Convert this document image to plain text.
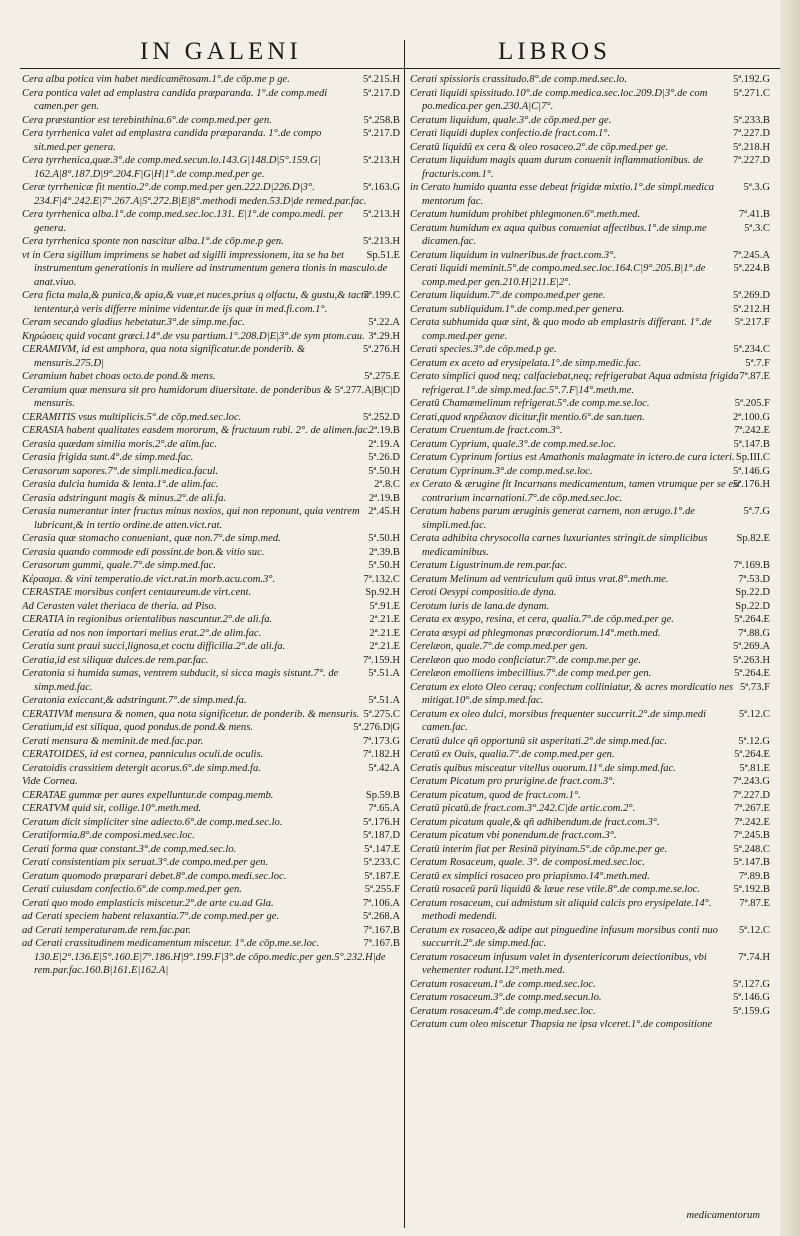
IN GALENI	LIBROS

5ª.215.H
Cera alba potica vim habet medicamētosam.1°.de cōp.me p ge.

5ª.217.D
Cera pontica valet ad emplastra candida præparanda. 1°.de comp.medi camen.per gen.

5ª.258.B
Cera præstantior est terebinthina.6°.de comp.med.per gen.

5ª.217.D
Cera tyrrhenica valet ad emplastra candida præparanda. 1°.de compo sit.med.per genera.

5ª.213.H
Cera tyrrhenica,quæ.3°.de comp.med.secun.lo.143.G|148.D|5°.159.G| 162.A|8°.187.D|9°.204.F|G|H|1°.de comp.med.per ge.

5ª.163.G
Ceræ tyrrhenicæ fit mentio.2°.de comp.med.per gen.222.D|226.D|3°. 234.F|4°.242.E|7°.267.A|5ª.272.B|E|8°.methodi meden.53.D|de remed.par.fac.

5ª.213.H
Cera tyrrhenica alba.1°.de comp.med.sec.loc.131. E|1°.de compo.medi. per genera.

5ª.213.H
Cera tyrrhenica sponte non nascitur alba.1°.de cōp.me.p gen.

Sp.51.E
vt in Cera sigillum imprimens se habet ad sigilli impressionem, ita se ha bet instrumentum generationis in muliere ad instrumentum genera tionis in masculo.de anat.viuo.

7ª.199.C
Cera ficta mala,& punica,& apia,& vuæ,et nuces,prius q olfactu, & gustu,& tactu tententur,à veris differre minime videntur.de ijs quæ in med.fi.com.1°.

5ª.22.A
Ceram secando gladius hebetatur.3°.de simp.me.fac.

3ª.29.H
Κηρώσεις quid vocant græci.14°.de vsu partium.1°.208.D|E|3°.de sym ptom.cau.

5ª.276.H
CERAMIVM, id est amphora, qua nota significatur.de ponderib. & mensuris.275.D|

5ª.275.E
Ceramium habet choas octo.de pond.& mens.

5ª.277.A|B|C|D
Ceramium quæ mensura sit pro humidorum diuersitate. de ponderibus & mensuris.

5ª.252.D
CERAMITIS vsus multiplicis.5°.de cōp.med.sec.loc.

2ª.19.B
CERASIA habent qualitates easdem mororum, & fructuum rubi. 2°. de alimen.fac.

2ª.19.A
Cerasia quædam similia moris.2°.de alim.fac.

5ª.26.D
Cerasia frigida sunt.4°.de simp.med.fac.

5ª.50.H
Cerasorum sapores.7°.de simpli.medica.facul.

2ª.8.C
Cerasia dulcia humida & lenta.1°.de alim.fac.

2ª.19.B
Cerasia adstringunt magis & minus.2°.de ali.fa.

2ª.45.H
Cerasia numerantur inter fructus minus noxios, qui non reponunt, quia ventrem lubricant,& in tertio ordine.de atten.vict.rat.

5ª.50.H
Cerasia quæ stomacho conueniant, quæ non.7°.de simp.med.

2ª.39.B
Cerasia quando commode edi possint.de bon.& vitio suc.

5ª.50.H
Cerasorum gummi, quale.7°.de simp.med.fac.

7ª.132.C
Κέρασμα. & vini temperatio.de vict.rat.in morb.acu.com.3°.

Sp.92.H
CERASTAE morsibus confert centaureum.de virt.cent.

5ª.91.E
Ad Cerasten valet theriaca de theria. ad Piso.

2ª.21.E
CERATIA in regionibus orientalibus nascuntur.2°.de ali.fa.

2ª.21.E
Ceratia ad nos non importari melius erat.2°.de alim.fac.

2ª.21.E
Ceratia sunt praui succi,lignosa,et coctu difficilia.2°.de ali.fa.

7ª.159.H
Ceratia,id est siliquæ dulces.de rem.par.fac.

5ª.51.A
Ceratonia si humida sumas, ventrem subducit, si sicca magis sistunt.7°. de simp.med.fac.

5ª.51.A
Ceratonia exiccant,& adstringunt.7°.de simp.med.fa.

5ª.275.C
CERATIVM mensura & nomen, qua nota significetur. de ponderib. & mensuris.

5ª.276.D|G
Ceratium,id est siliqua, quod pondus.de pond.& mens.

7ª.173.G
Cerati mensura & meminit.de med.fac.par.

7ª.182.H
CERATOIDES, id est cornea, panniculus oculi.de oculis.

5ª.42.A
Ceratoidis crassitiem detergit acorus.6°.de simp.med.fa.

Vide Cornea.

Sp.59.B
CERATAE gummæ per aures expelluntur.de compag.memb.

7ª.65.A
CERATVM quid sit, collige.10°.meth.med.

5ª.176.H
Ceratum dicit simpliciter sine adiecto.6°.de comp.med.sec.lo.

5ª.187.D
Ceratiformia.8°.de composi.med.sec.loc.

5ª.147.E
Cerati forma quæ constant.3°.de comp.med.sec.lo.

5ª.233.C
Cerati consistentiam pix seruat.3°.de compo.med.per gen.

5ª.187.E
Ceratum quomodo præparari debet.8°.de compo.medi.sec.loc.

5ª.255.F
Cerati cuiusdam confectio.6°.de comp.med.per gen.

7ª.106.A
Cerati quo modo emplasticis miscetur.2°.de arte cu.ad Gla.

5ª.268.A
ad Cerati speciem habent relaxantia.7°.de comp.med.per ge.

7ª.167.B
ad Cerati temperaturam.de rem.fac.par.

7ª.167.B
ad Cerati crassitudinem medicamentum miscetur. 1°.de cōp.me.se.loc. 130.E|2°.136.E|5°.160.E|7°.186.H|9°.199.F|3°.de cōpo.medic.per gen.5°.232.H|de rem.par.fac.160.B|161.E|162.A|

5ª.192.G
Cerati spissioris crassitudo.8°.de comp.med.sec.lo.

5ª.271.C
Cerati liquidi spissitudo.10°.de comp.medica.sec.loc.209.D|3°.de com po.medica.per gen.230.A|C|7°.

5ª.233.B
Ceratum liquidum, quale.3°.de cōp.med.per ge.

7ª.227.D
Cerati liquidi duplex confectio.de fract.com.1°.

5ª.218.H
Ceratū liquidū ex cera & oleo rosaceo.2°.de cōp.med.per ge.

7ª.227.D
Ceratum liquidum magis quam durum conuenit inflammationibus. de fracturis.com.1°.

5ª.3.G
in Cerato humido quanta esse debeat frigidæ mixtio.1°.de simpl.medica mentorum fac.

7ª.41.B
Ceratum humidum prohibet phlegmonen.6°.meth.med.

5ª.3.C
Ceratum humidum ex aqua quibus conueniat affectibus.1°.de simp.me dicamen.fac.

7ª.245.A
Ceratum liquidum in vulneribus.de fract.com.3°.

5ª.224.B
Cerati liquidi meminit.5°.de compo.med.sec.loc.164.C|9°.205.B|1°.de comp.med.per gen.210.H|211.E|2°.

5ª.269.D
Ceratum liquidum.7°.de compo.med.per gene.

5ª.212.H
Ceratum subliquidum.1°.de comp.med.per genera.

5ª.217.F
Cerata subhumida quæ sint, & quo modo ab emplastris differant. 1°.de comp.med.per gene.

5ª.234.C
Cerati species.3°.de cōp.med.p ge.

5ª.7.F
Ceratum ex aceto ad erysipelata.1°.de simp.medic.fac.

7ª.87.E
Cerato simplici quod neq; calfaciebat,neq; refrigerabat Aqua admista frigida refrigerat.1°.de simp.med.fac.5°.7.F|14°.meth.me.

5ª.205.F
Ceratū Chamæmelinum refrigerat.5°.de comp.me.se.loc.

2ª.100.G
Cerati,quod κηρέλαιον dicitur,fit mentio.6°.de san.tuen.

7ª.242.E
Ceratum Cruentum.de fract.com.3°.

5ª.147.B
Ceratum Cyprium, quale.3°.de comp.med.se.loc.

Sp.III.C
Ceratum Cyprinum fortius est Amathonis malagmate in ictero.de cura icteri.

5ª.146.G
Ceratum Cyprinum.3°.de comp.med.se.loc.

5ª.176.H
ex Cerato & ærugine fit Incarnans medicamentum, tamen vtrumque per se est contrarium incarnationi.7°.de cōp.med.sec.loc.

5ª.7.G
Ceratum habens parum æruginis generat carnem, non ærugo.1°.de simpli.med.fac.

Sp.82.E
Cerata adhibita chrysocolla carnes luxuriantes stringit.de simplicibus medicaminibus.

7ª.169.B
Ceratum Ligustrinum.de rem.par.fac.

7ª.53.D
Ceratum Melinum ad ventriculum quū intus vrat.8°.meth.me.

Sp.22.D
Ceroti Oesypi compositio.de dyna.

Sp.22.D
Cerotum iuris de lana.de dynam.

5ª.264.E
Cerata ex œsypo, resina, et cera, qualia.7°.de cōp.med.per ge.

7ª.88.G
Cerata œsypi ad phlegmonas præcordiorum.14°.meth.med.

5ª.269.A
Cerelæon, quale.7°.de comp.med.per gen.

5ª.263.H
Cerelæon quo modo conficiatur.7°.de comp.me.per ge.

5ª.264.E
Cerelæon emolliens imbecillius.7°.de comp med.per gen.

5ª.73.F
Ceratum ex eloto Oleo ceraq; confectum colliniatur, & acres mordicatio nes mitigat.10°.de simp.med.fac.

5ª.12.C
Ceratum ex oleo dulci, morsibus frequenter succurrit.2°.de simp.medi camen.fac.

5ª.12.G
Ceratū dulce qñ opportunū sit asperitati.2°.de simp.med.fac.

5ª.264.E
Ceratū ex Ouis, qualia.7°.de comp.med.per gen.

5ª.81.E
Ceratis quibus misceatur vitellus ouorum.11°.de simp.med.fac.

7ª.243.G
Ceratum Picatum pro prurigine.de fract.com.3°.

7ª.227.D
Ceratum picatum, quod de fract.com.1°.

7ª.267.E
Ceratū picatū.de fract.com.3°.242.C|de artic.com.2°.

7ª.242.E
Ceratum picatum quale,& qñ adhibendum.de fract.com.3°.

7ª.245.B
Ceratum picatum vbi ponendum.de fract.com.3°.

5ª.248.C
Ceratū interim fiat per Resinā pityinam.5°.de cōp.me.per ge.

5ª.147.B
Ceratum Rosaceum, quale. 3°. de composi.med.sec.loc.

7ª.89.B
Ceratū ex simplici rosaceo pro priapismo.14°.meth.med.

5ª.192.B
Ceratū rosaceū parū liquidū & læue rese vtile.8°.de comp.me.se.loc.

7ª.87.E
Ceratum rosaceum, cui admistum sit aliquid calcis pro erysipelate.14°. methodi medendi.

5ª.12.C
Ceratum ex rosaceo,& adipe aut pinguedine infusum morsibus conti nuo succurrit.2°.de simp.med.fac.

7ª.74.H
Ceratum rosaceum infusum valet in dysentericorum deiectionibus, vbi vehementer rodunt.12°.meth.med.

5ª.127.G
Ceratum rosaceum.1°.de comp.med.sec.loc.

5ª.146.G
Ceratum rosaceum.3°.de comp.med.secun.lo.

5ª.159.G
Ceratum rosaceum.4°.de comp.med.sec.loc.

Ceratum cum oleo miscetur Thapsia ne ipsa vlceret.1°.de compositione

medicamentorum
